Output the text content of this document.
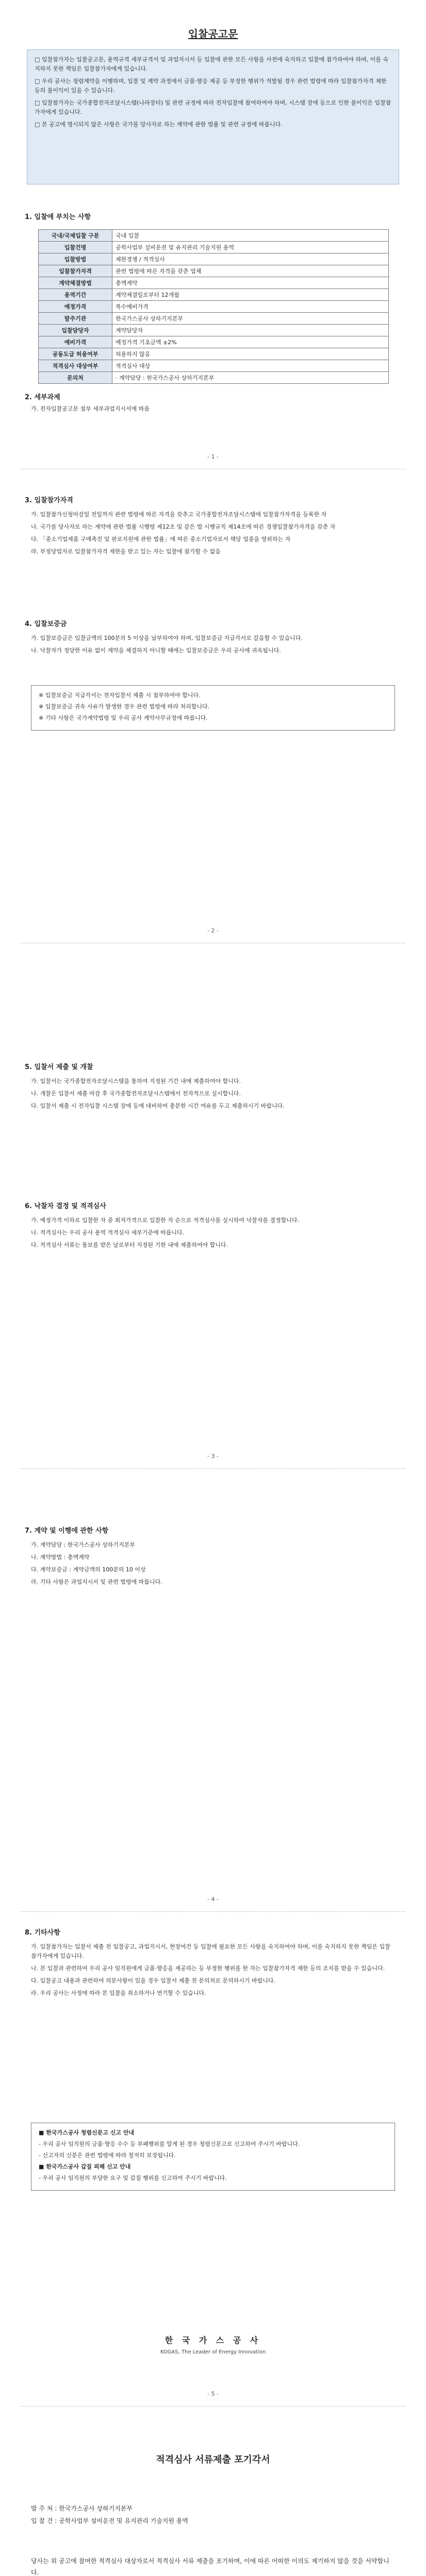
입찰공고문

□ 입찰참가자는 입찰공고문, 용역규격 세부규격서 및 과업지시서 등 입찰에 관한 모든 사항을 사전에 숙지하고 입찰에 참가하여야 하며, 이를 숙지하지 못한 책임은 입찰참가자에게 있습니다.

□ 우리 공사는 청렴계약을 이행하며, 입찰 및 계약 과정에서 금품·향응 제공 등 부정한 행위가 적발될 경우 관련 법령에 따라 입찰참가자격 제한 등의 불이익이 있을 수 있습니다.

□ 입찰참가자는 국가종합전자조달시스템(나라장터) 및 관련 규정에 따라 전자입찰에 참여하여야 하며, 시스템 장애 등으로 인한 불이익은 입찰참가자에게 있습니다.

□ 본 공고에 명시되지 않은 사항은 국가를 당사자로 하는 계약에 관한 법률 및 관련 규정에 따릅니다.

1. 입찰에 부치는 사항
국내/국제입찰 구분	국내 입찰
입찰건명	공학사업부 설비운전 및 유지관리 기술지원 용역
입찰방법	제한경쟁 / 적격심사
입찰참가자격	관련 법령에 따른 자격을 갖춘 업체
계약체결방법	총액계약
용역기간	계약체결일로부터 12개월
예정가격	복수예비가격
발주기관	한국가스공사 상하기지본부
입찰담당자	계약담당자
예비가격	예정가격 기초금액 ±2%
공동도급 허용여부	허용하지 않음
적격심사 대상여부	적격심사 대상
문의처	· 계약담당 : 한국가스공사 상하기지본부
2. 세부과제
가. 전자입찰공고문 첨부 세부과업지시서에 따름
- 1 -
3. 입찰참가자격

가. 입찰참가신청마감일 전일까지 관련 법령에 따른 자격을 갖추고 국가종합전자조달시스템에 입찰참가자격을 등록한 자

나. 국가를 당사자로 하는 계약에 관한 법률 시행령 제12조 및 같은 법 시행규칙 제14조에 따른 경쟁입찰참가자격을 갖춘 자

다. 「중소기업제품 구매촉진 및 판로지원에 관한 법률」에 따른 중소기업자로서 해당 업종을 영위하는 자

라. 부정당업자로 입찰참가자격 제한을 받고 있는 자는 입찰에 참가할 수 없음

4. 입찰보증금

가. 입찰보증금은 입찰금액의 100분의 5 이상을 납부하여야 하며, 입찰보증금 지급각서로 갈음할 수 있습니다.

나. 낙찰자가 정당한 이유 없이 계약을 체결하지 아니할 때에는 입찰보증금은 우리 공사에 귀속됩니다.

※ 입찰보증금 지급각서는 전자입찰서 제출 시 첨부하여야 합니다.

※ 입찰보증금 귀속 사유가 발생한 경우 관련 법령에 따라 처리합니다.

※ 기타 사항은 국가계약법령 및 우리 공사 계약사무규정에 따릅니다.

- 2 -
5. 입찰서 제출 및 개찰

가. 입찰서는 국가종합전자조달시스템을 통하여 지정된 기간 내에 제출하여야 합니다.

나. 개찰은 입찰서 제출 마감 후 국가종합전자조달시스템에서 전자적으로 실시합니다.

다. 입찰서 제출 시 전자입찰 시스템 장애 등에 대비하여 충분한 시간 여유를 두고 제출하시기 바랍니다.

6. 낙찰자 결정 및 적격심사

가. 예정가격 이하로 입찰한 자 중 최저가격으로 입찰한 자 순으로 적격심사를 실시하여 낙찰자를 결정합니다.

나. 적격심사는 우리 공사 용역 적격심사 세부기준에 따릅니다.

다. 적격심사 서류는 통보를 받은 날로부터 지정된 기한 내에 제출하여야 합니다.

- 3 -
7. 계약 및 이행에 관한 사항

가. 계약담당 : 한국가스공사 상하기지본부

나. 계약방법 : 총액계약

다. 계약보증금 : 계약금액의 100분의 10 이상

라. 기타 사항은 과업지시서 및 관련 법령에 따릅니다.

- 4 -
8. 기타사항

가. 입찰참가자는 입찰서 제출 전 입찰공고, 과업지시서, 현장여건 등 입찰에 필요한 모든 사항을 숙지하여야 하며, 이를 숙지하지 못한 책임은 입찰참가자에게 있습니다.

나. 본 입찰과 관련하여 우리 공사 임직원에게 금품·향응을 제공하는 등 부정한 행위를 한 자는 입찰참가자격 제한 등의 조치를 받을 수 있습니다.

다. 입찰공고 내용과 관련하여 의문사항이 있을 경우 입찰서 제출 전 문의처로 문의하시기 바랍니다.

라. 우리 공사는 사정에 따라 본 입찰을 취소하거나 연기할 수 있습니다.

■ 한국가스공사 청렴신문고 신고 안내

- 우리 공사 임직원의 금품·향응 수수 등 부패행위를 알게 된 경우 청렴신문고로 신고하여 주시기 바랍니다.

- 신고자의 신분은 관련 법령에 따라 철저히 보장됩니다.

■ 한국가스공사 갑질 피해 신고 안내

- 우리 공사 임직원의 부당한 요구 및 갑질 행위를 신고하여 주시기 바랍니다.

한 국 가 스 공 사
KOGAS, The Leader of Energy Innovation
- 5 -
적격심사 서류제출 포기각서

발 주 처 : 한국가스공사 상하기지본부

입 찰 건 : 공학사업부 설비운전 및 유지관리 기술지원 용역

당사는 위 공고에 참여한 적격심사 대상자로서 적격심사 서류 제출을 포기하며, 이에 따른 어떠한 이의도 제기하지 않을 것을 서약합니다.
